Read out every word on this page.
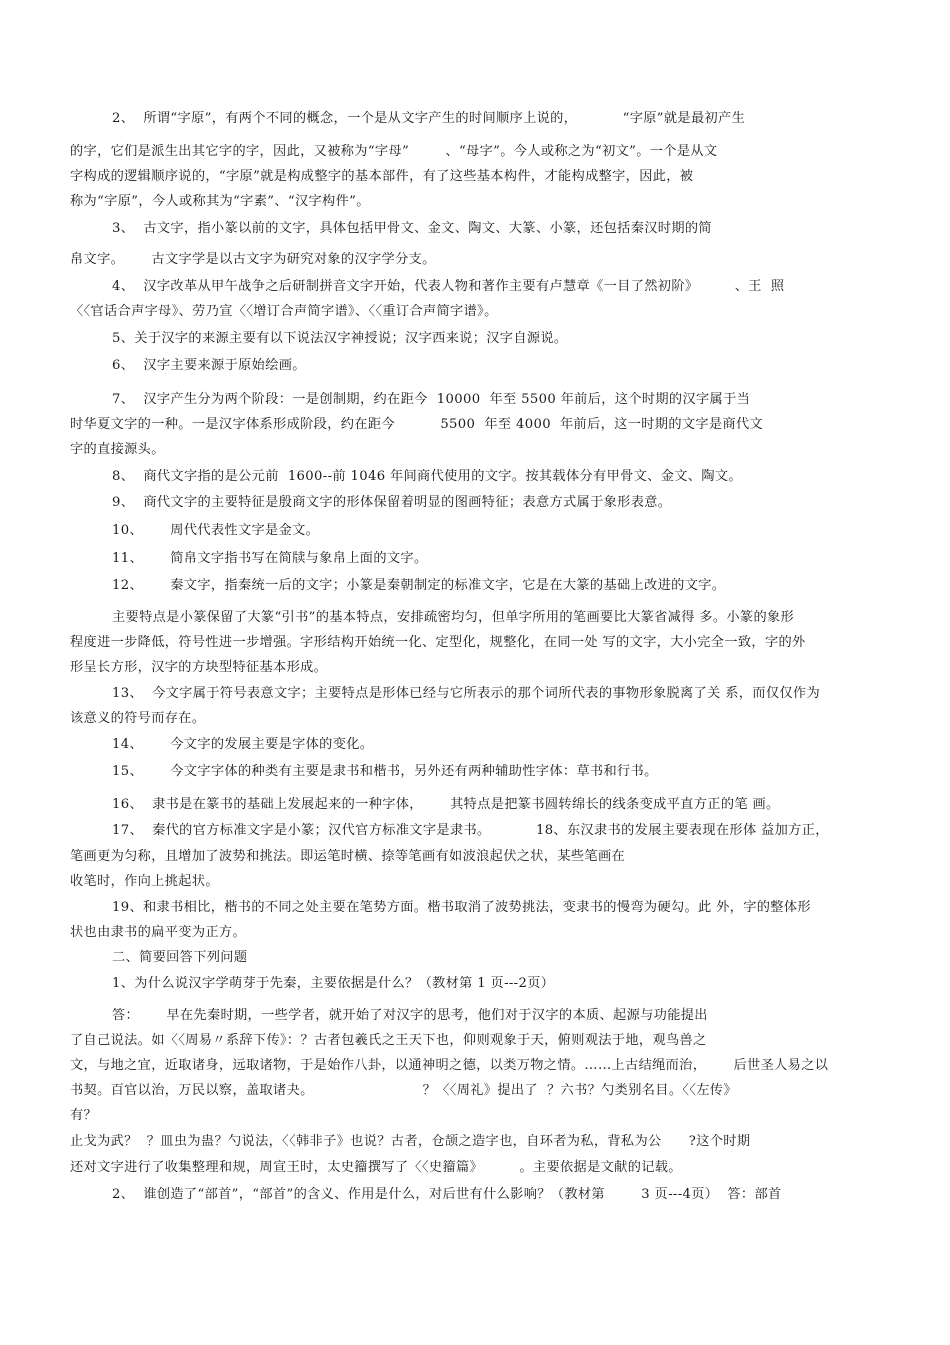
2、  所谓“字原”，有两个不同的概念，一个是从文字产生的时间顺序上说的，          “字原”就是最初产生
的字，它们是派生出其它字的字，因此，又被称为“字母”        、“母字”。今人或称之为“初文”。一个是从文
字构成的逻辑顺序说的，“字原”就是构成整字的基本部件，有了这些基本构件，才能构成整字，因此，被
称为“字原”，今人或称其为“字素”、“汉字构件”。
3、  古文字，指小篆以前的文字，具体包括甲骨文、金文、陶文、大篆、小篆，还包括秦汉时期的简
帛文字。      古文字学是以古文字为研究对象的汉字学分支。
4、  汉字改革从甲午战争之后研制拼音文字开始，代表人物和著作主要有卢慧章《一目了然初阶》        、王  照
〈〈官话合声字母》、劳乃宣〈〈增订合声简字谱》、〈〈重订合声简字谱》。
5、关于汉字的来源主要有以下说法汉字神授说；汉字西来说；汉字自源说。
6、  汉字主要来源于原始绘画。
7、  汉字产生分为两个阶段：一是创制期，约在距今  10000  年至 5500 年前后，这个时期的汉字属于当
时华夏文字的一种。一是汉字体系形成阶段，约在距今          5500  年至 4000  年前后，这一时期的文字是商代文
字的直接源头。
8、  商代文字指的是公元前  1600--前 1046 年间商代使用的文字。按其载体分有甲骨文、金文、陶文。
9、  商代文字的主要特征是殷商文字的形体保留着明显的图画特征；表意方式属于象形表意。
10、      周代代表性文字是金文。
11、      简帛文字指书写在简牍与象帛上面的文字。
12、      秦文字，指秦统一后的文字；小篆是秦朝制定的标准文字，它是在大篆的基础上改进的文字。
主要特点是小篆保留了大篆“引书”的基本特点，安排疏密均匀，但单字所用的笔画要比大篆省减得 多。小篆的象形
程度进一步降低，符号性进一步增强。字形结构开始统一化、定型化，规整化，在同一处 写的文字，大小完全一致，字的外
形呈长方形，汉字的方块型特征基本形成。
13、  今文字属于符号表意文字；主要特点是形体已经与它所表示的那个词所代表的事物形象脱离了关 系，而仅仅作为
该意义的符号而存在。
14、      今文字的发展主要是字体的变化。
15、      今文字字体的种类有主要是隶书和楷书，另外还有两种辅助性字体：草书和行书。
16、  隶书是在篆书的基础上发展起来的一种字体，      其特点是把篆书圆转绵长的线条变成平直方正的笔 画。
17、  秦代的官方标准文字是小篆；汉代官方标准文字是隶书。          18、东汉隶书的发展主要表现在形体 益加方正，
笔画更为匀称，且增加了波势和挑法。即运笔时横、捺等笔画有如波浪起伏之状，某些笔画在
收笔时，作向上挑起状。
19、和隶书相比，楷书的不同之处主要在笔势方面。楷书取消了波势挑法，变隶书的慢弯为硬勾。此 外，字的整体形
状也由隶书的扁平变为正方。
二、简要回答下列问题
1、为什么说汉字学萌芽于先秦，主要依据是什么？（教材第 1 页---2页）
答：      早在先秦时期，一些学者，就开始了对汉字的思考，他们对于汉字的本质、起源与功能提出
了自己说法。如〈〈周易〃系辞下传》：？古者包羲氏之王天下也，仰则观象于天，俯则观法于地，观鸟兽之
文，与地之宜，近取诸身，远取诸物，于是始作八卦，以通神明之德，以类万物之情。……上古结绳而治，      后世圣人易之以
书契。百官以治，万民以察，盖取诸夬。                        ？〈〈周礼》提出了  ？六书？勺类别名目。〈〈左传》
有？
止戈为武？  ？皿虫为蛊？勺说法，〈〈韩非子》也说？古者，仓颉之造字也，自环者为私，背私为公      ?这个时期
还对文字进行了收集整理和规，周宣王时，太史籀撰写了〈〈史籀篇》        。主要依据是文献的记载。
2、  谁创造了“部首”，“部首”的含义、作用是什么，对后世有什么影响？（教材第        3 页---4页）  答：部首
